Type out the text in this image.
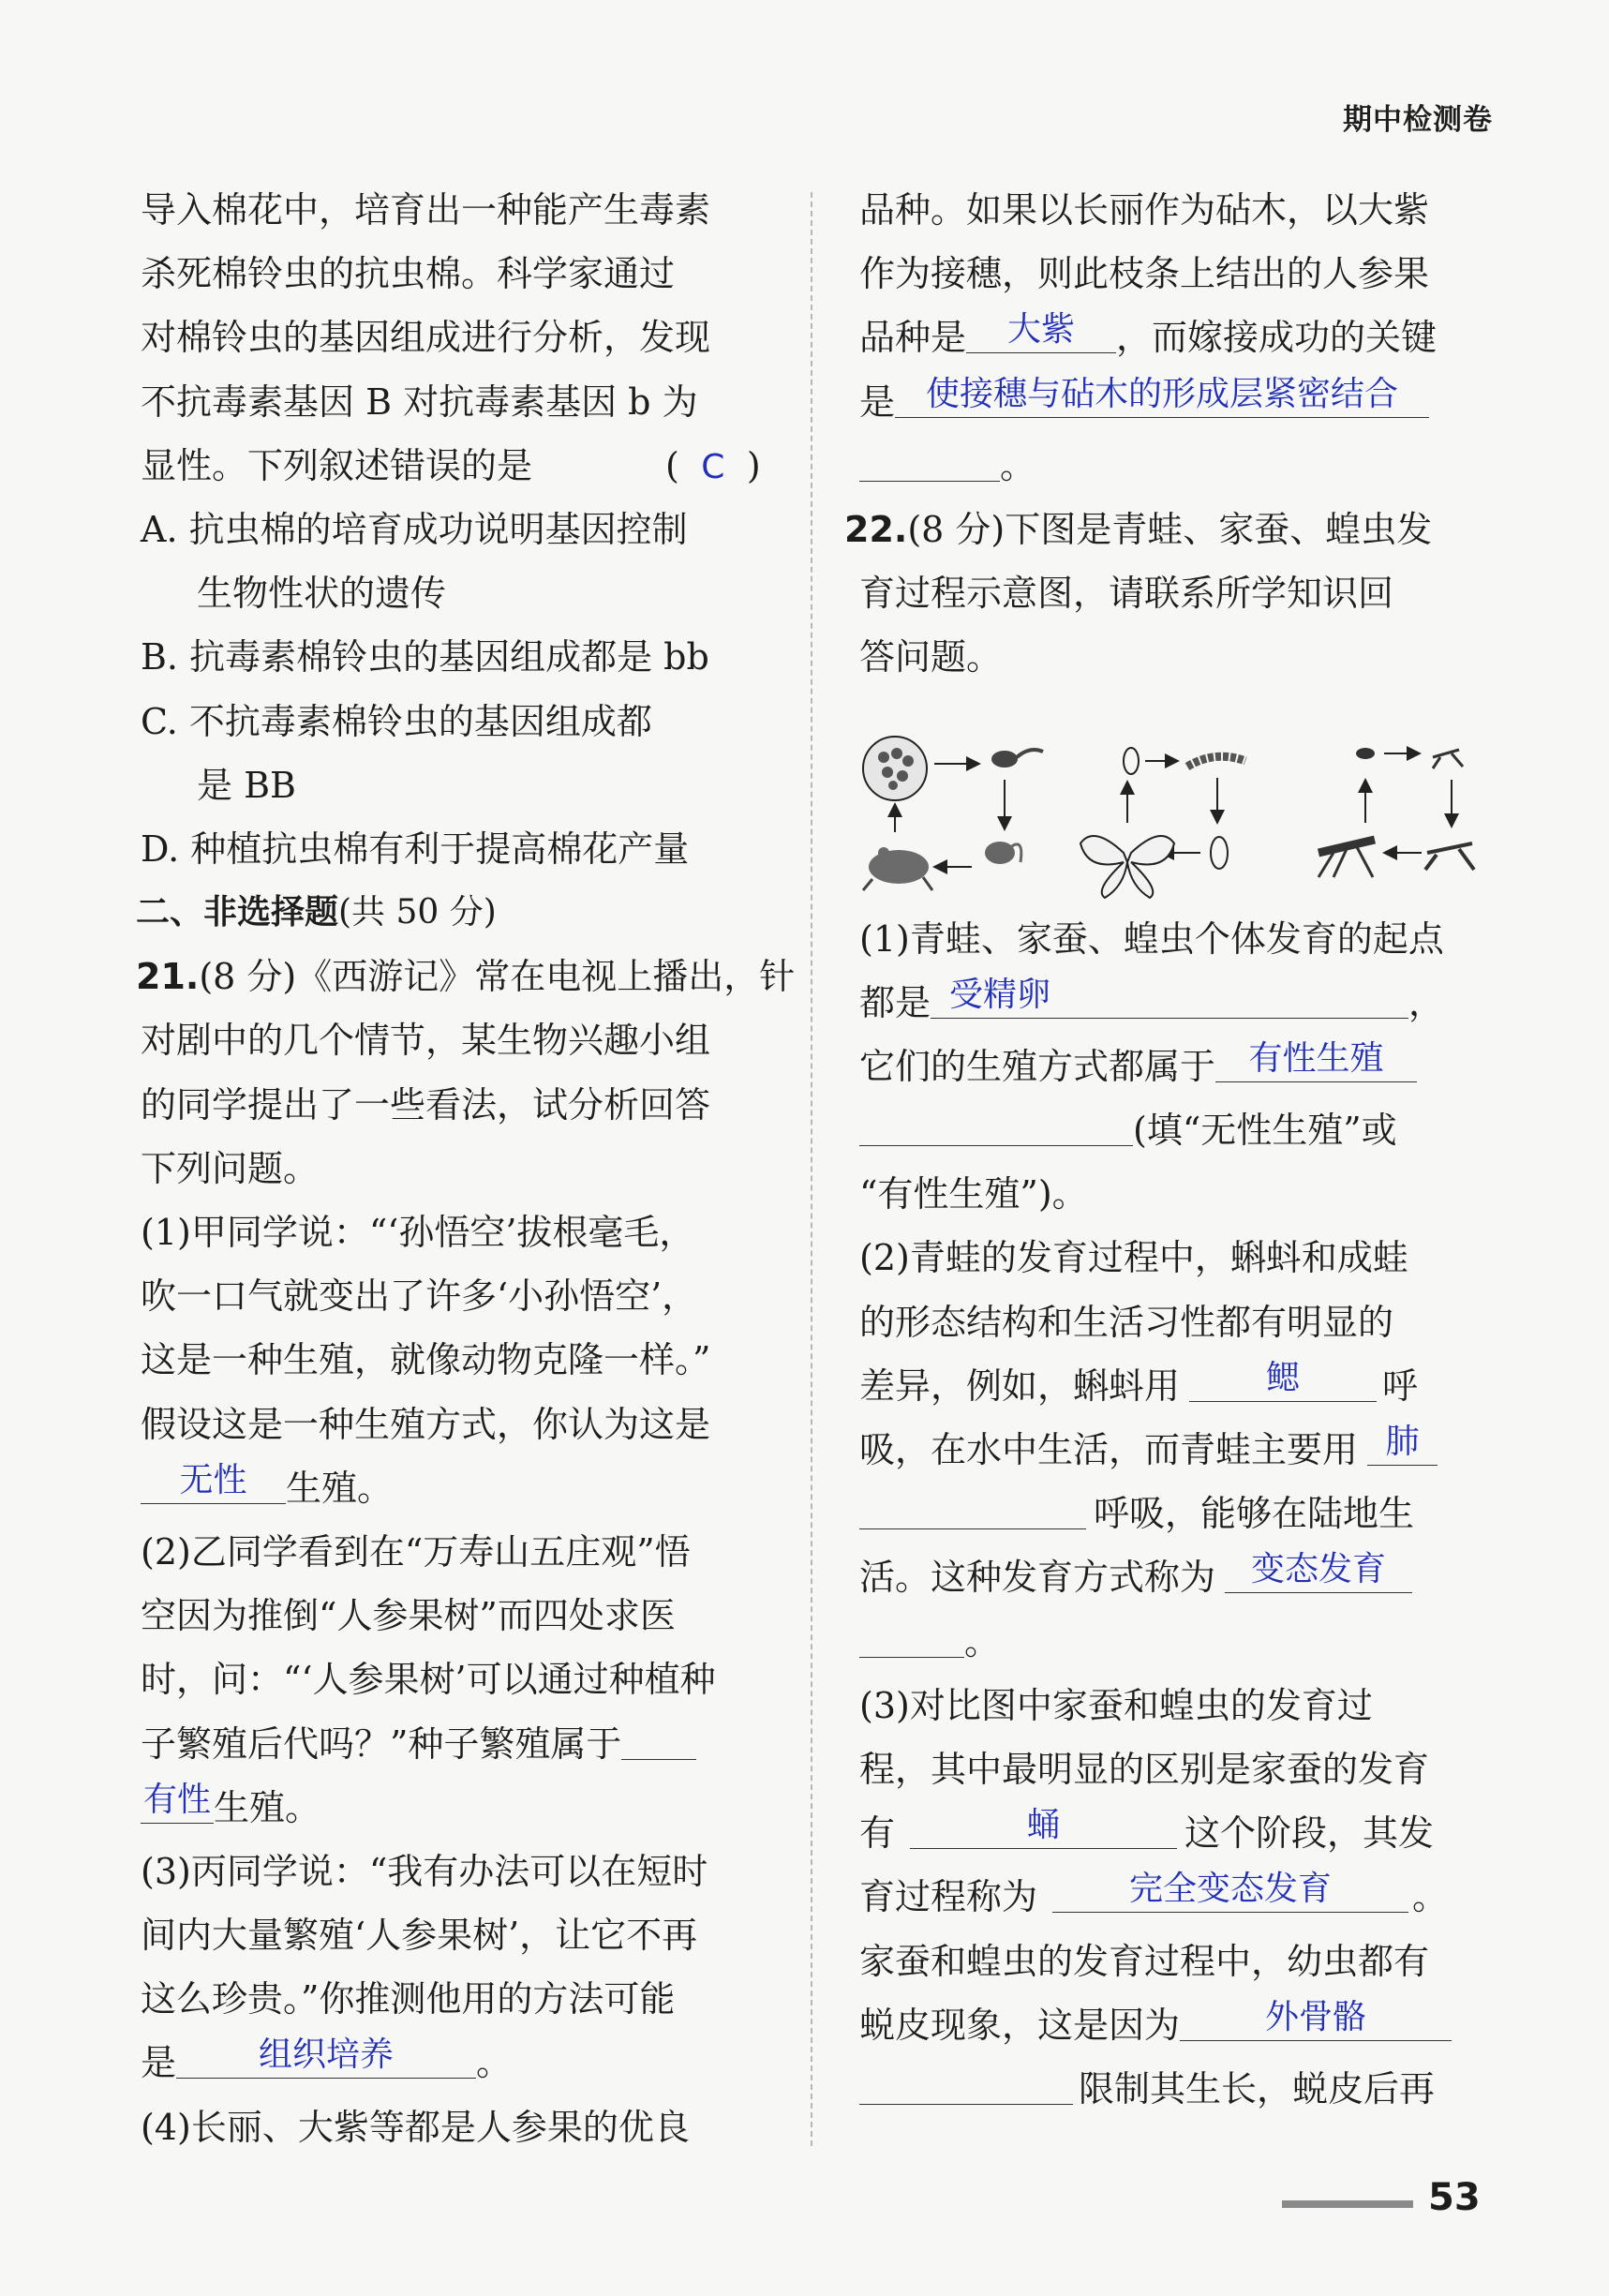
期中检测卷
导入棉花中，培育出一种能产生毒素
杀死棉铃虫的抗虫棉。科学家通过
对棉铃虫的基因组成进行分析，发现
不抗毒素基因 B 对抗毒素基因 b 为
显性。下列叙述错误的是	( C )
A. 抗虫棉的培育成功说明基因控制
生物性状的遗传
B. 抗毒素棉铃虫的基因组成都是 bb
C. 不抗毒素棉铃虫的基因组成都
是 BB
D. 种植抗虫棉有利于提高棉花产量
二、非选择题(共 50 分)
21.(8 分)《西游记》常在电视上播出，针
对剧中的几个情节，某生物兴趣小组
的同学提出了一些看法，试分析回答
下列问题。
(1)甲同学说：“‘孙悟空’拔根毫毛，
吹一口气就变出了许多‘小孙悟空’，
这是一种生殖，就像动物克隆一样。”
假设这是一种生殖方式，你认为这是
无性 生殖。
(2)乙同学看到在“万寿山五庄观”悟
空因为推倒“人参果树”而四处求医
时，问：“‘人参果树’可以通过种植种
子繁殖后代吗？”种子繁殖属于
有性生殖。
(3)丙同学说：“我有办法可以在短时
间内大量繁殖‘人参果树’，让它不再
这么珍贵。”你推测他用的方法可能
是 组织培养 。
(4)长丽、大紫等都是人参果的优良
品种。如果以长丽作为砧木，以大紫
作为接穗，则此枝条上结出的人参果
品种是 大紫 ，而嫁接成功的关键
是 使接穗与砧木的形成层紧密结合
。
22.(8 分)下图是青蛙、家蚕、蝗虫发
育过程示意图，请联系所学知识回
答问题。
(1)青蛙、家蚕、蝗虫个体发育的起点
都是 受精卵	，
它们的生殖方式都属于 有性生殖
(填“无性生殖”或
“有性生殖”)。
(2)青蛙的发育过程中，蝌蚪和成蛙
的形态结构和生活习性都有明显的
差异，例如，蝌蚪用	鳃 呼
吸，在水中生活，而青蛙主要用 肺
呼吸，能够在陆地生
活。这种发育方式称为 变态发育
。
(3)对比图中家蚕和蝗虫的发育过
程，其中最明显的区别是家蚕的发育
有	蛹	这个阶段，其发
育过程称为	完全变态发育 。
家蚕和蝗虫的发育过程中，幼虫都有
蜕皮现象，这是因为	外骨骼
限制其生长，蜕皮后再
53
